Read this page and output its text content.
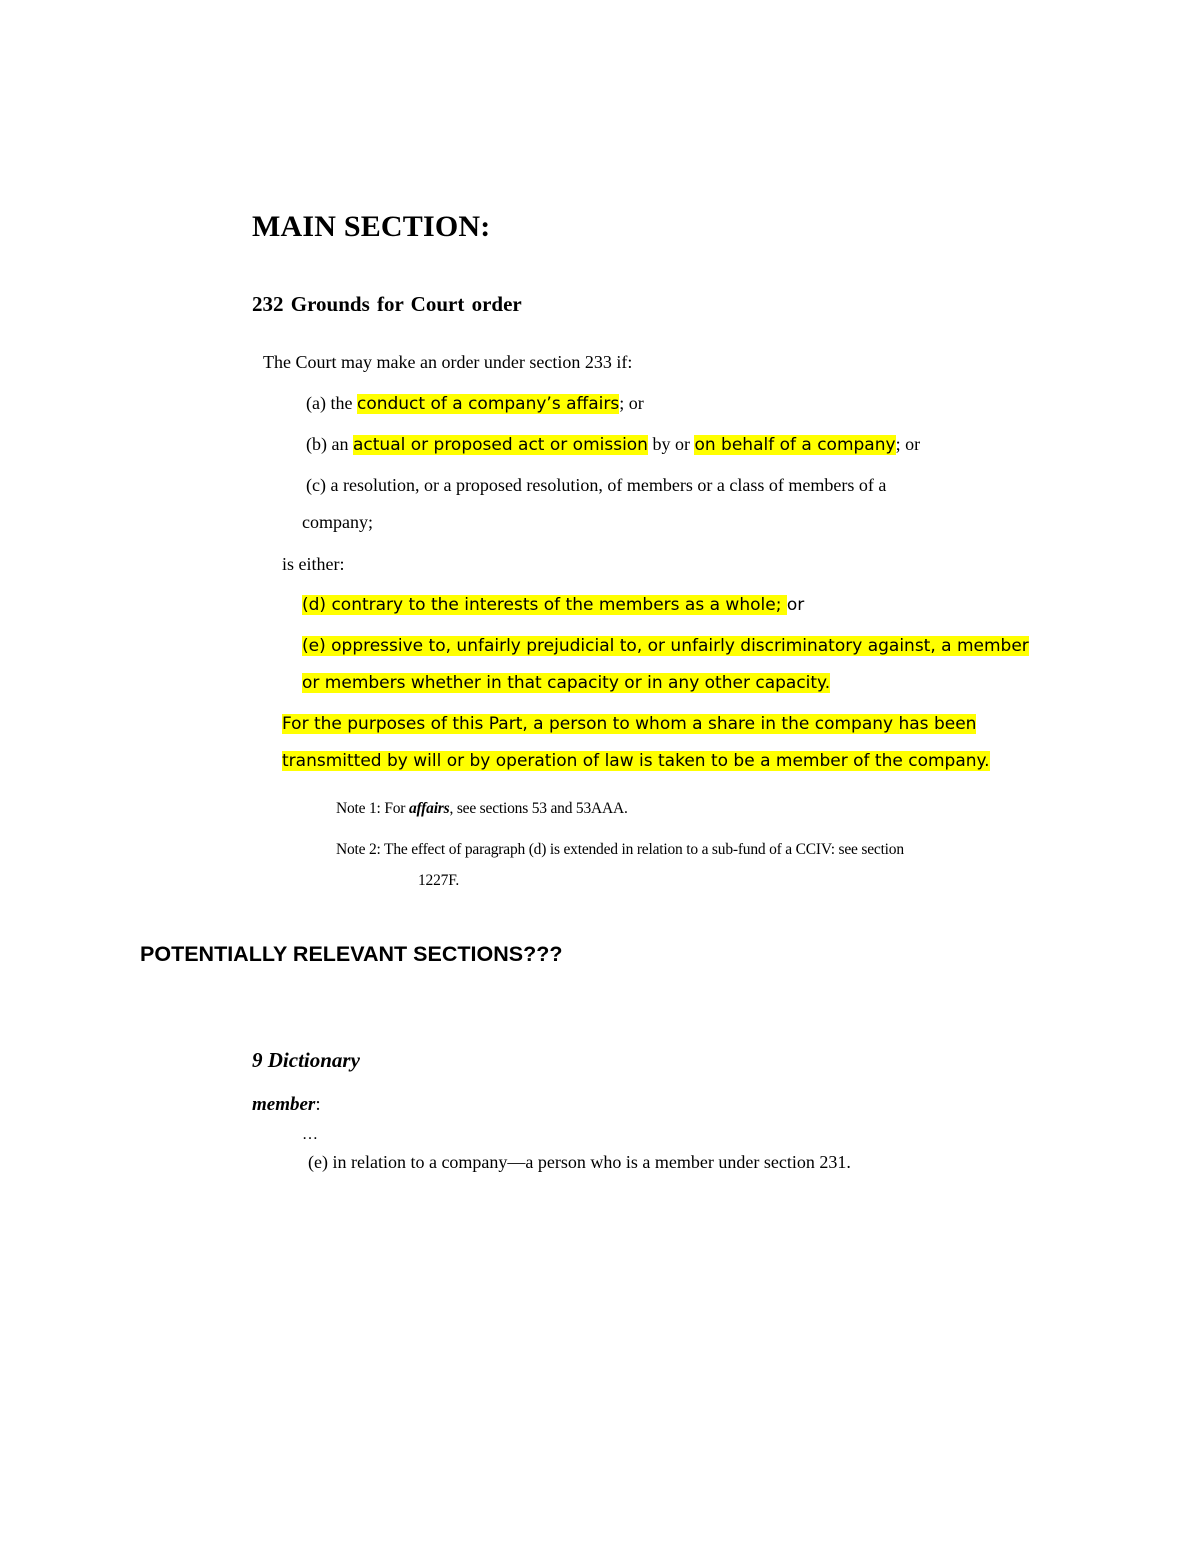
MAIN SECTION:
232 Grounds for Court order
The Court may make an order under section 233 if:
(a) the conduct of a company’s affairs; or
(b) an actual or proposed act or omission by or on behalf of a company; or
(c) a resolution, or a proposed resolution, of members or a class of members of a
company;
is either:
(d) contrary to the interests of the members as a whole; or
(e) oppressive to, unfairly prejudicial to, or unfairly discriminatory against, a member
or members whether in that capacity or in any other capacity.
For the purposes of this Part, a person to whom a share in the company has been
transmitted by will or by operation of law is taken to be a member of the company.
Note 1: For affairs, see sections 53 and 53AAA.
Note 2: The effect of paragraph (d) is extended in relation to a sub-fund of a CCIV: see section
1227F.
POTENTIALLY RELEVANT SECTIONS???
9 Dictionary
member:
…
(e) in relation to a company—a person who is a member under section 231.
